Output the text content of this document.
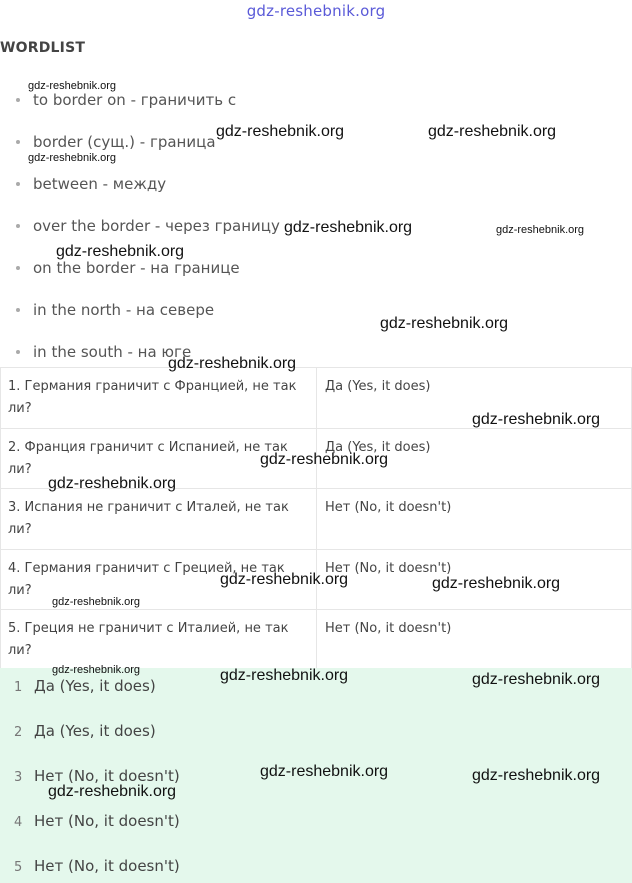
gdz-reshebnik.org
WORDLIST
to border on - граничить с
border (сущ.) - граница
between - между
over the border - через границу
on the border - на границе
in the north - на севере
in the south - на юге
1. Германия граничит с Францией, не так ли?	Да (Yes, it does)
2. Франция граничит с Испанией, не так ли?	Да (Yes, it does)
3. Испания не граничит с Италей, не так ли?	Нет (No, it doesn't)
4. Германия граничит с Грецией, не так ли?	Нет (No, it doesn't)
5. Греция не граничит с Италией, не так ли?	Нет (No, it doesn't)
1 Да (Yes, it does)
2 Да (Yes, it does)
3 Нет (No, it doesn't)
4 Нет (No, it doesn't)
5 Нет (No, it doesn't)
gdz-reshebnik.org
gdz-reshebnik.org	gdz-reshebnik.org
gdz-reshebnik.org
gdz-reshebnik.org	gdz-reshebnik.org
gdz-reshebnik.org
gdz-reshebnik.org
gdz-reshebnik.org
gdz-reshebnik.org
gdz-reshebnik.org
gdz-reshebnik.org
gdz-reshebnik.org	gdz-reshebnik.org
gdz-reshebnik.org
gdz-reshebnik.org	gdz-reshebnik.org	gdz-reshebnik.org
gdz-reshebnik.org	gdz-reshebnik.org
gdz-reshebnik.org
